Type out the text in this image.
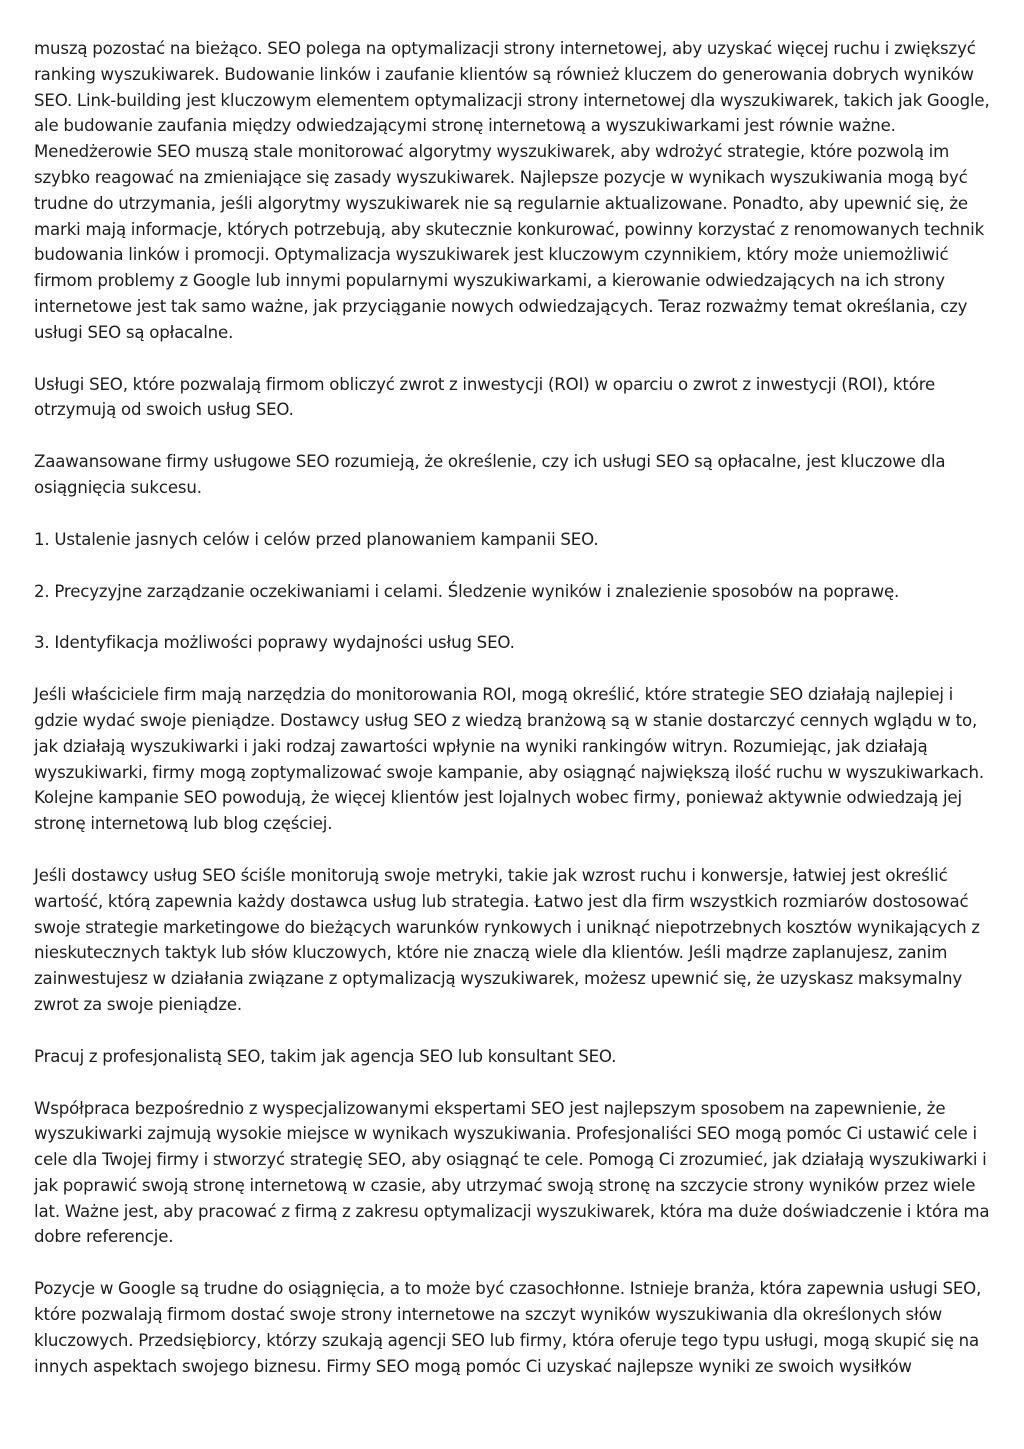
muszą pozostać na bieżąco. SEO polega na optymalizacji strony internetowej, aby uzyskać więcej ruchu i zwiększyć ranking wyszukiwarek. Budowanie linków i zaufanie klientów są również kluczem do generowania dobrych wyników SEO. Link-building jest kluczowym elementem optymalizacji strony internetowej dla wyszukiwarek, takich jak Google, ale budowanie zaufania między odwiedzającymi stronę internetową a wyszukiwarkami jest równie ważne. Menedżerowie SEO muszą stale monitorować algorytmy wyszukiwarek, aby wdrożyć strategie, które pozwolą im szybko reagować na zmieniające się zasady wyszukiwarek. Najlepsze pozycje w wynikach wyszukiwania mogą być trudne do utrzymania, jeśli algorytmy wyszukiwarek nie są regularnie aktualizowane. Ponadto, aby upewnić się, że marki mają informacje, których potrzebują, aby skutecznie konkurować, powinny korzystać z renomowanych technik budowania linków i promocji. Optymalizacja wyszukiwarek jest kluczowym czynnikiem, który może uniemożliwić firmom problemy z Google lub innymi popularnymi wyszukiwarkami, a kierowanie odwiedzających na ich strony internetowe jest tak samo ważne, jak przyciąganie nowych odwiedzających. Teraz rozważmy temat określania, czy usługi SEO są opłacalne.

Usługi SEO, które pozwalają firmom obliczyć zwrot z inwestycji (ROI) w oparciu o zwrot z inwestycji (ROI), które otrzymują od swoich usług SEO.

Zaawansowane firmy usługowe SEO rozumieją, że określenie, czy ich usługi SEO są opłacalne, jest kluczowe dla osiągnięcia sukcesu.

1. Ustalenie jasnych celów i celów przed planowaniem kampanii SEO.

2. Precyzyjne zarządzanie oczekiwaniami i celami. Śledzenie wyników i znalezienie sposobów na poprawę.

3. Identyfikacja możliwości poprawy wydajności usług SEO.

Jeśli właściciele firm mają narzędzia do monitorowania ROI, mogą określić, które strategie SEO działają najlepiej i gdzie wydać swoje pieniądze. Dostawcy usług SEO z wiedzą branżową są w stanie dostarczyć cennych wglądu w to, jak działają wyszukiwarki i jaki rodzaj zawartości wpłynie na wyniki rankingów witryn. Rozumiejąc, jak działają wyszukiwarki, firmy mogą zoptymalizować swoje kampanie, aby osiągnąć największą ilość ruchu w wyszukiwarkach. Kolejne kampanie SEO powodują, że więcej klientów jest lojalnych wobec firmy, ponieważ aktywnie odwiedzają jej stronę internetową lub blog częściej.

Jeśli dostawcy usług SEO ściśle monitorują swoje metryki, takie jak wzrost ruchu i konwersje, łatwiej jest określić wartość, którą zapewnia każdy dostawca usług lub strategia. Łatwo jest dla firm wszystkich rozmiarów dostosować swoje strategie marketingowe do bieżących warunków rynkowych i uniknąć niepotrzebnych kosztów wynikających z nieskutecznych taktyk lub słów kluczowych, które nie znaczą wiele dla klientów. Jeśli mądrze zaplanujesz, zanim zainwestujesz w działania związane z optymalizacją wyszukiwarek, możesz upewnić się, że uzyskasz maksymalny zwrot za swoje pieniądze.

Pracuj z profesjonalistą SEO, takim jak agencja SEO lub konsultant SEO.

Współpraca bezpośrednio z wyspecjalizowanymi ekspertami SEO jest najlepszym sposobem na zapewnienie, że wyszukiwarki zajmują wysokie miejsce w wynikach wyszukiwania. Profesjonaliści SEO mogą pomóc Ci ustawić cele i cele dla Twojej firmy i stworzyć strategię SEO, aby osiągnąć te cele. Pomogą Ci zrozumieć, jak działają wyszukiwarki i jak poprawić swoją stronę internetową w czasie, aby utrzymać swoją stronę na szczycie strony wyników przez wiele lat. Ważne jest, aby pracować z firmą z zakresu optymalizacji wyszukiwarek, która ma duże doświadczenie i która ma dobre referencje.

Pozycje w Google są trudne do osiągnięcia, a to może być czasochłonne. Istnieje branża, która zapewnia usługi SEO, które pozwalają firmom dostać swoje strony internetowe na szczyt wyników wyszukiwania dla określonych słów kluczowych. Przedsiębiorcy, którzy szukają agencji SEO lub firmy, która oferuje tego typu usługi, mogą skupić się na innych aspektach swojego biznesu. Firmy SEO mogą pomóc Ci uzyskać najlepsze wyniki ze swoich wysiłków
